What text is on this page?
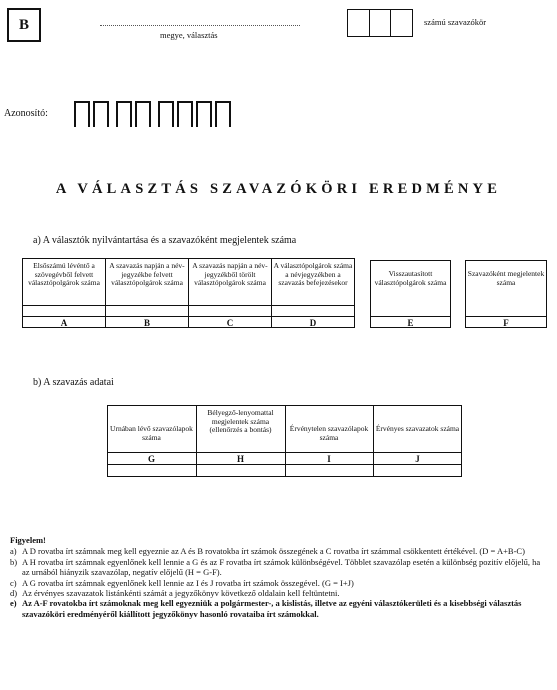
B
megye, választás
számú szavazókör
Azonosító:
A VÁLASZTÁS SZAVAZÓKÖRI EREDMÉNYE
a) A választók nyilvántartása és a szavazóként megjelentek száma
Elsőszámú lévéntő a szövegévből felvett választópolgárok száma
A
A szavazás napján a név-jegyzékbe felvett választópolgárok száma
B
A szavazás napján a név-jegyzékből törölt választópolgárok száma
C
A választópolgárok száma a névjegyzékben a szavazás befejezésekor
D
Visszautasított választópolgárok száma
E
Szavazóként megjelentek száma
F
b) A szavazás adatai
Urnában lévő szavazólapok száma
G
Bélyegző-lenyomattal megjelentek száma (ellenőrzés a bontás)
H
Érvénytelen szavazólapok száma
I
Érvényes szavazatok száma
J
Figyelem!
a) A D rovatba írt számnak meg kell egyeznie az A és B rovatokba írt számok összegének a C rovatba írt számmal csökkentett értékével. (D = A+B-C)
b) A H rovatba írt számnak egyenlőnek kell lennie a G és az F rovatba írt számok különbségével. Többlet szavazólap esetén a különbség pozitív előjelű, ha az urnából hiányzik szavazólap, negatív előjelű (H = G-F).
c) A G rovatba írt számnak egyenlőnek kell lennie az I és J rovatba írt számok összegével. (G = I+J)
d) Az érvényes szavazatok listánkénti számát a jegyzőkönyv következő oldalain kell feltüntetni.
e) Az A-F rovatokba írt számoknak meg kell egyezniük a polgármester-, a kislistás, illetve az egyéni választókerületi és a kisebbségi választás szavazóköri eredményéről kiállított jegyzőkönyv hasonló rovataiba írt számokkal.
